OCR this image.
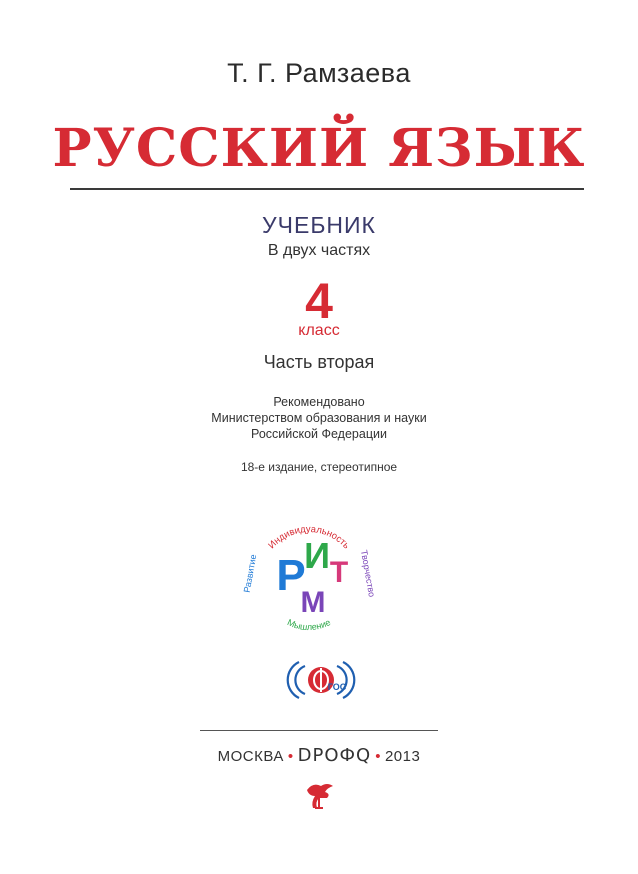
Т. Г. Рамзаева
РУССКИЙ ЯЗЫК
УЧЕБНИК
В двух частях
4
класс
Часть вторая
Рекомендовано
Министерством образования и науки
Российской Федерации
18-е издание, стереотипное
Индивидуальность
Мышление
Развитие	Творчество
Р
И Т
М
ГОС
МОСКВА • DPOФQ • 2013
